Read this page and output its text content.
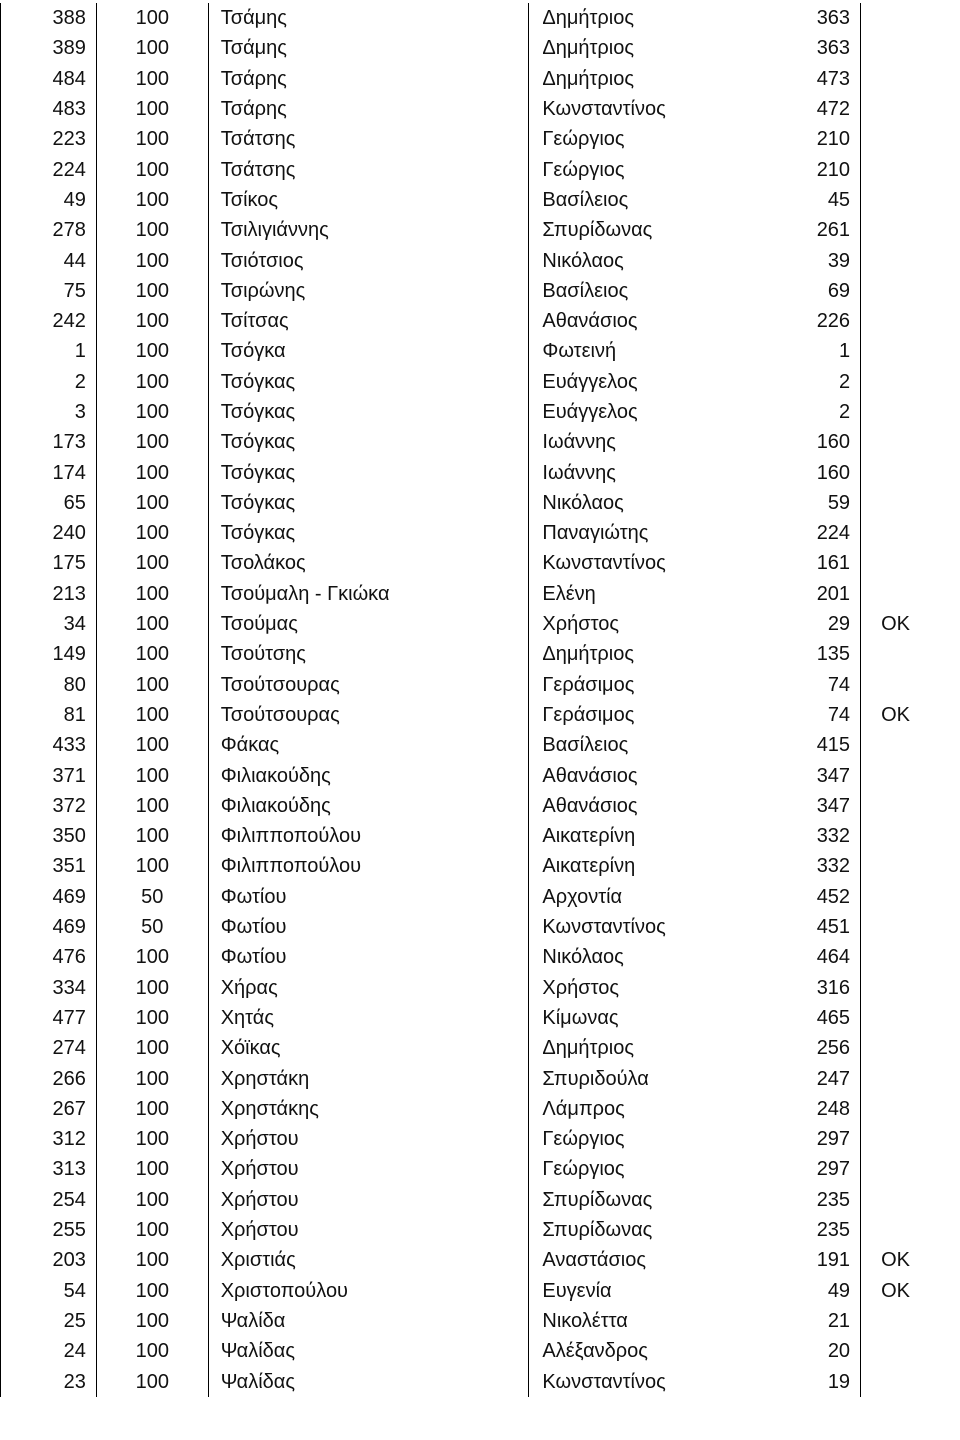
388	100	Τσάμης	Δημήτριος	363	
389	100	Τσάμης	Δημήτριος	363	
484	100	Τσάρης	Δημήτριος	473	
483	100	Τσάρης	Κωνσταντίνος	472	
223	100	Τσάτσης	Γεώργιος	210	
224	100	Τσάτσης	Γεώργιος	210	
49	100	Τσίκος	Βασίλειος	45	
278	100	Τσιλιγιάννης	Σπυρίδωνας	261	
44	100	Τσιότσιος	Νικόλαος	39	
75	100	Τσιρώνης	Βασίλειος	69	
242	100	Τσίτσας	Αθανάσιος	226	
1	100	Τσόγκα	Φωτεινή	1	
2	100	Τσόγκας	Ευάγγελος	2	
3	100	Τσόγκας	Ευάγγελος	2	
173	100	Τσόγκας	Ιωάννης	160	
174	100	Τσόγκας	Ιωάννης	160	
65	100	Τσόγκας	Νικόλαος	59	
240	100	Τσόγκας	Παναγιώτης	224	
175	100	Τσολάκος	Κωνσταντίνος	161	
213	100	Τσούμαλη - Γκιώκα	Ελένη	201	
34	100	Τσούμας	Χρήστος	29	OK
149	100	Τσούτσης	Δημήτριος	135	
80	100	Τσούτσουρας	Γεράσιμος	74	
81	100	Τσούτσουρας	Γεράσιμος	74	OK
433	100	Φάκας	Βασίλειος	415	
371	100	Φιλιακούδης	Αθανάσιος	347	
372	100	Φιλιακούδης	Αθανάσιος	347	
350	100	Φιλιπποπούλου	Αικατερίνη	332	
351	100	Φιλιπποπούλου	Αικατερίνη	332	
469	50	Φωτίου	Αρχοντία	452	
469	50	Φωτίου	Κωνσταντίνος	451	
476	100	Φωτίου	Νικόλαος	464	
334	100	Χήρας	Χρήστος	316	
477	100	Χητάς	Κίμωνας	465	
274	100	Χόϊκας	Δημήτριος	256	
266	100	Χρηστάκη	Σπυριδούλα	247	
267	100	Χρηστάκης	Λάμπρος	248	
312	100	Χρήστου	Γεώργιος	297	
313	100	Χρήστου	Γεώργιος	297	
254	100	Χρήστου	Σπυρίδωνας	235	
255	100	Χρήστου	Σπυρίδωνας	235	
203	100	Χριστιάς	Αναστάσιος	191	OK
54	100	Χριστοπούλου	Ευγενία	49	OK
25	100	Ψαλίδα	Νικολέττα	21	
24	100	Ψαλίδας	Αλέξανδρος	20	
23	100	Ψαλίδας	Κωνσταντίνος	19	
